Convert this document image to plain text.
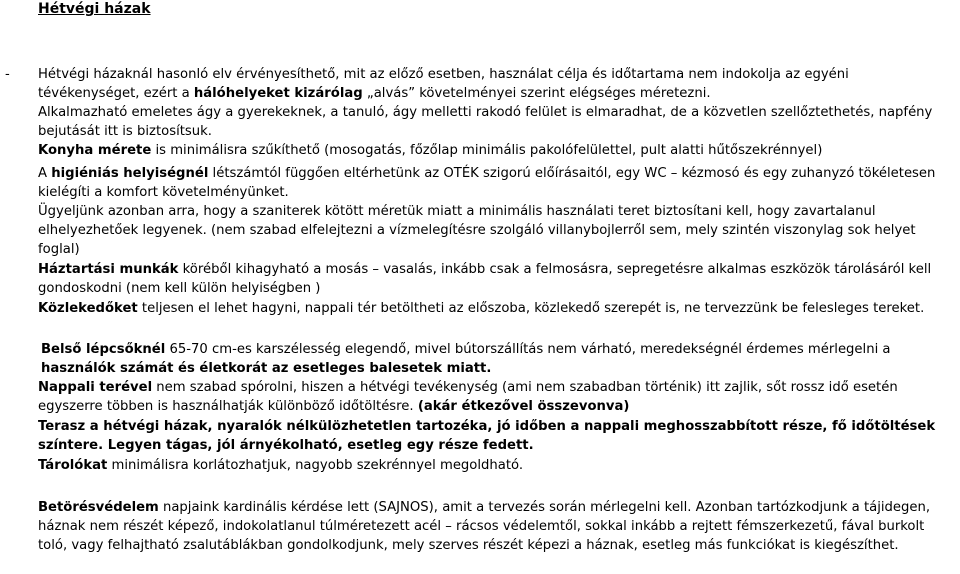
Hétvégi házak
- Hétvégi házaknál hasonló elv érvényesíthető, mit az előző esetben, használat célja és időtartama nem indokolja az egyéni tévékenységet, ezért a hálóhelyeket kizárólag „alvás” követelményei szerint elégséges méretezni.
Alkalmazható emeletes ágy a gyerekeknek, a tanuló, ágy melletti rakodó felület is elmaradhat, de a közvetlen szellőztethetés, napfény bejutását itt is biztosítsuk.
Konyha mérete is minimálisra szűkíthető (mosogatás, főzőlap minimális pakolófelülettel, pult alatti hűtőszekrénnyel)
A higiéniás helyiségnél létszámtól függően eltérhetünk az OTÉK szigorú előírásaitól, egy WC – kézmosó és egy zuhanyzó tökéletesen kielégíti a komfort követelményünket.
Ügyeljünk azonban arra, hogy a szaniterek kötött méretük miatt a minimális használati teret biztosítani kell, hogy zavartalanul elhelyezhetőek legyenek. (nem szabad elfelejtezni a vízmelegítésre szolgáló villanybojlerről sem, mely szintén viszonylag sok helyet foglal)
Háztartási munkák köréből kihagyható a mosás – vasalás, inkább csak a felmosásra, sepregetésre alkalmas eszközök tárolásáról kell gondoskodni (nem kell külön helyiségben )
Közlekedőket teljesen el lehet hagyni, nappali tér betöltheti az előszoba, közlekedő szerepét is, ne tervezzünk be felesleges tereket.
Belső lépcsőknél 65-70 cm-es karszélesség elegendő, mivel bútorszállítás nem várható, meredekségnél érdemes mérlegelni a használók számát és életkorát az esetleges balesetek miatt.
Nappali terével nem szabad spórolni, hiszen a hétvégi tevékenység (ami nem szabadban történik) itt zajlik, sőt rossz idő esetén egyszerre többen is használhatják különböző időtöltésre. (akár étkezővel összevonva)
Terasz a hétvégi házak, nyaralók nélkülözhetetlen tartozéka, jó időben a nappali meghosszabbított része, fő időtöltések színtere. Legyen tágas, jól árnyékolható, esetleg egy része fedett.
Tárolókat minimálisra korlátozhatjuk, nagyobb szekrénnyel megoldható.
Betörésvédelem napjaink kardinális kérdése lett (SAJNOS), amit a tervezés során mérlegelni kell. Azonban tartózkodjunk a tájidegen, háznak nem részét képező, indokolatlanul túlméretezett acél – rácsos védelemtől, sokkal inkább a rejtett fémszerkezetű, fával burkolt toló, vagy felhajtható zsalutáblákban gondolkodjunk, mely szerves részét képezi a háznak, esetleg más funkciókat is kiegészíthet.
